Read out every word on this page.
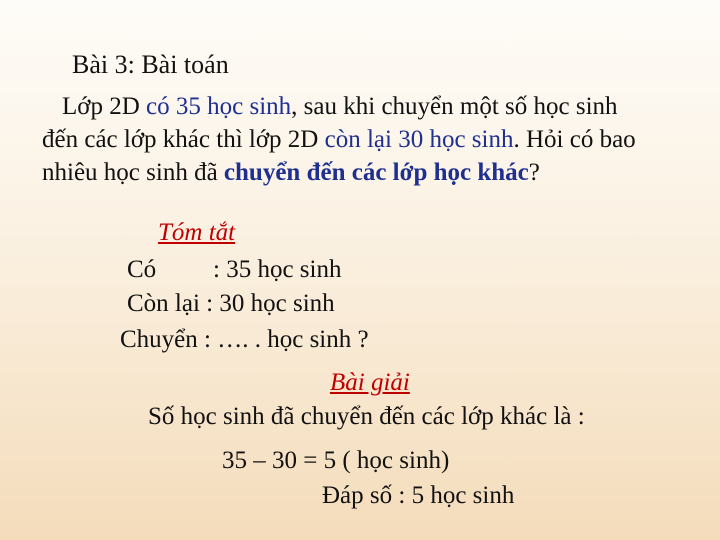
Bài 3: Bài toán
Lớp 2D có 35 học sinh, sau khi chuyển một số học sinh
đến các lớp khác thì lớp 2D còn lại 30 học sinh. Hỏi có bao
nhiêu học sinh đã chuyển đến các lớp học khác?
Tóm tắt
Có : 35 học sinh
Còn lại : 30 học sinh
Chuyển : …. . học sinh ?
Bài giải
Số học sinh đã chuyển đến các lớp khác là :
35 – 30 = 5 ( học sinh)
Đáp số : 5 học sinh
